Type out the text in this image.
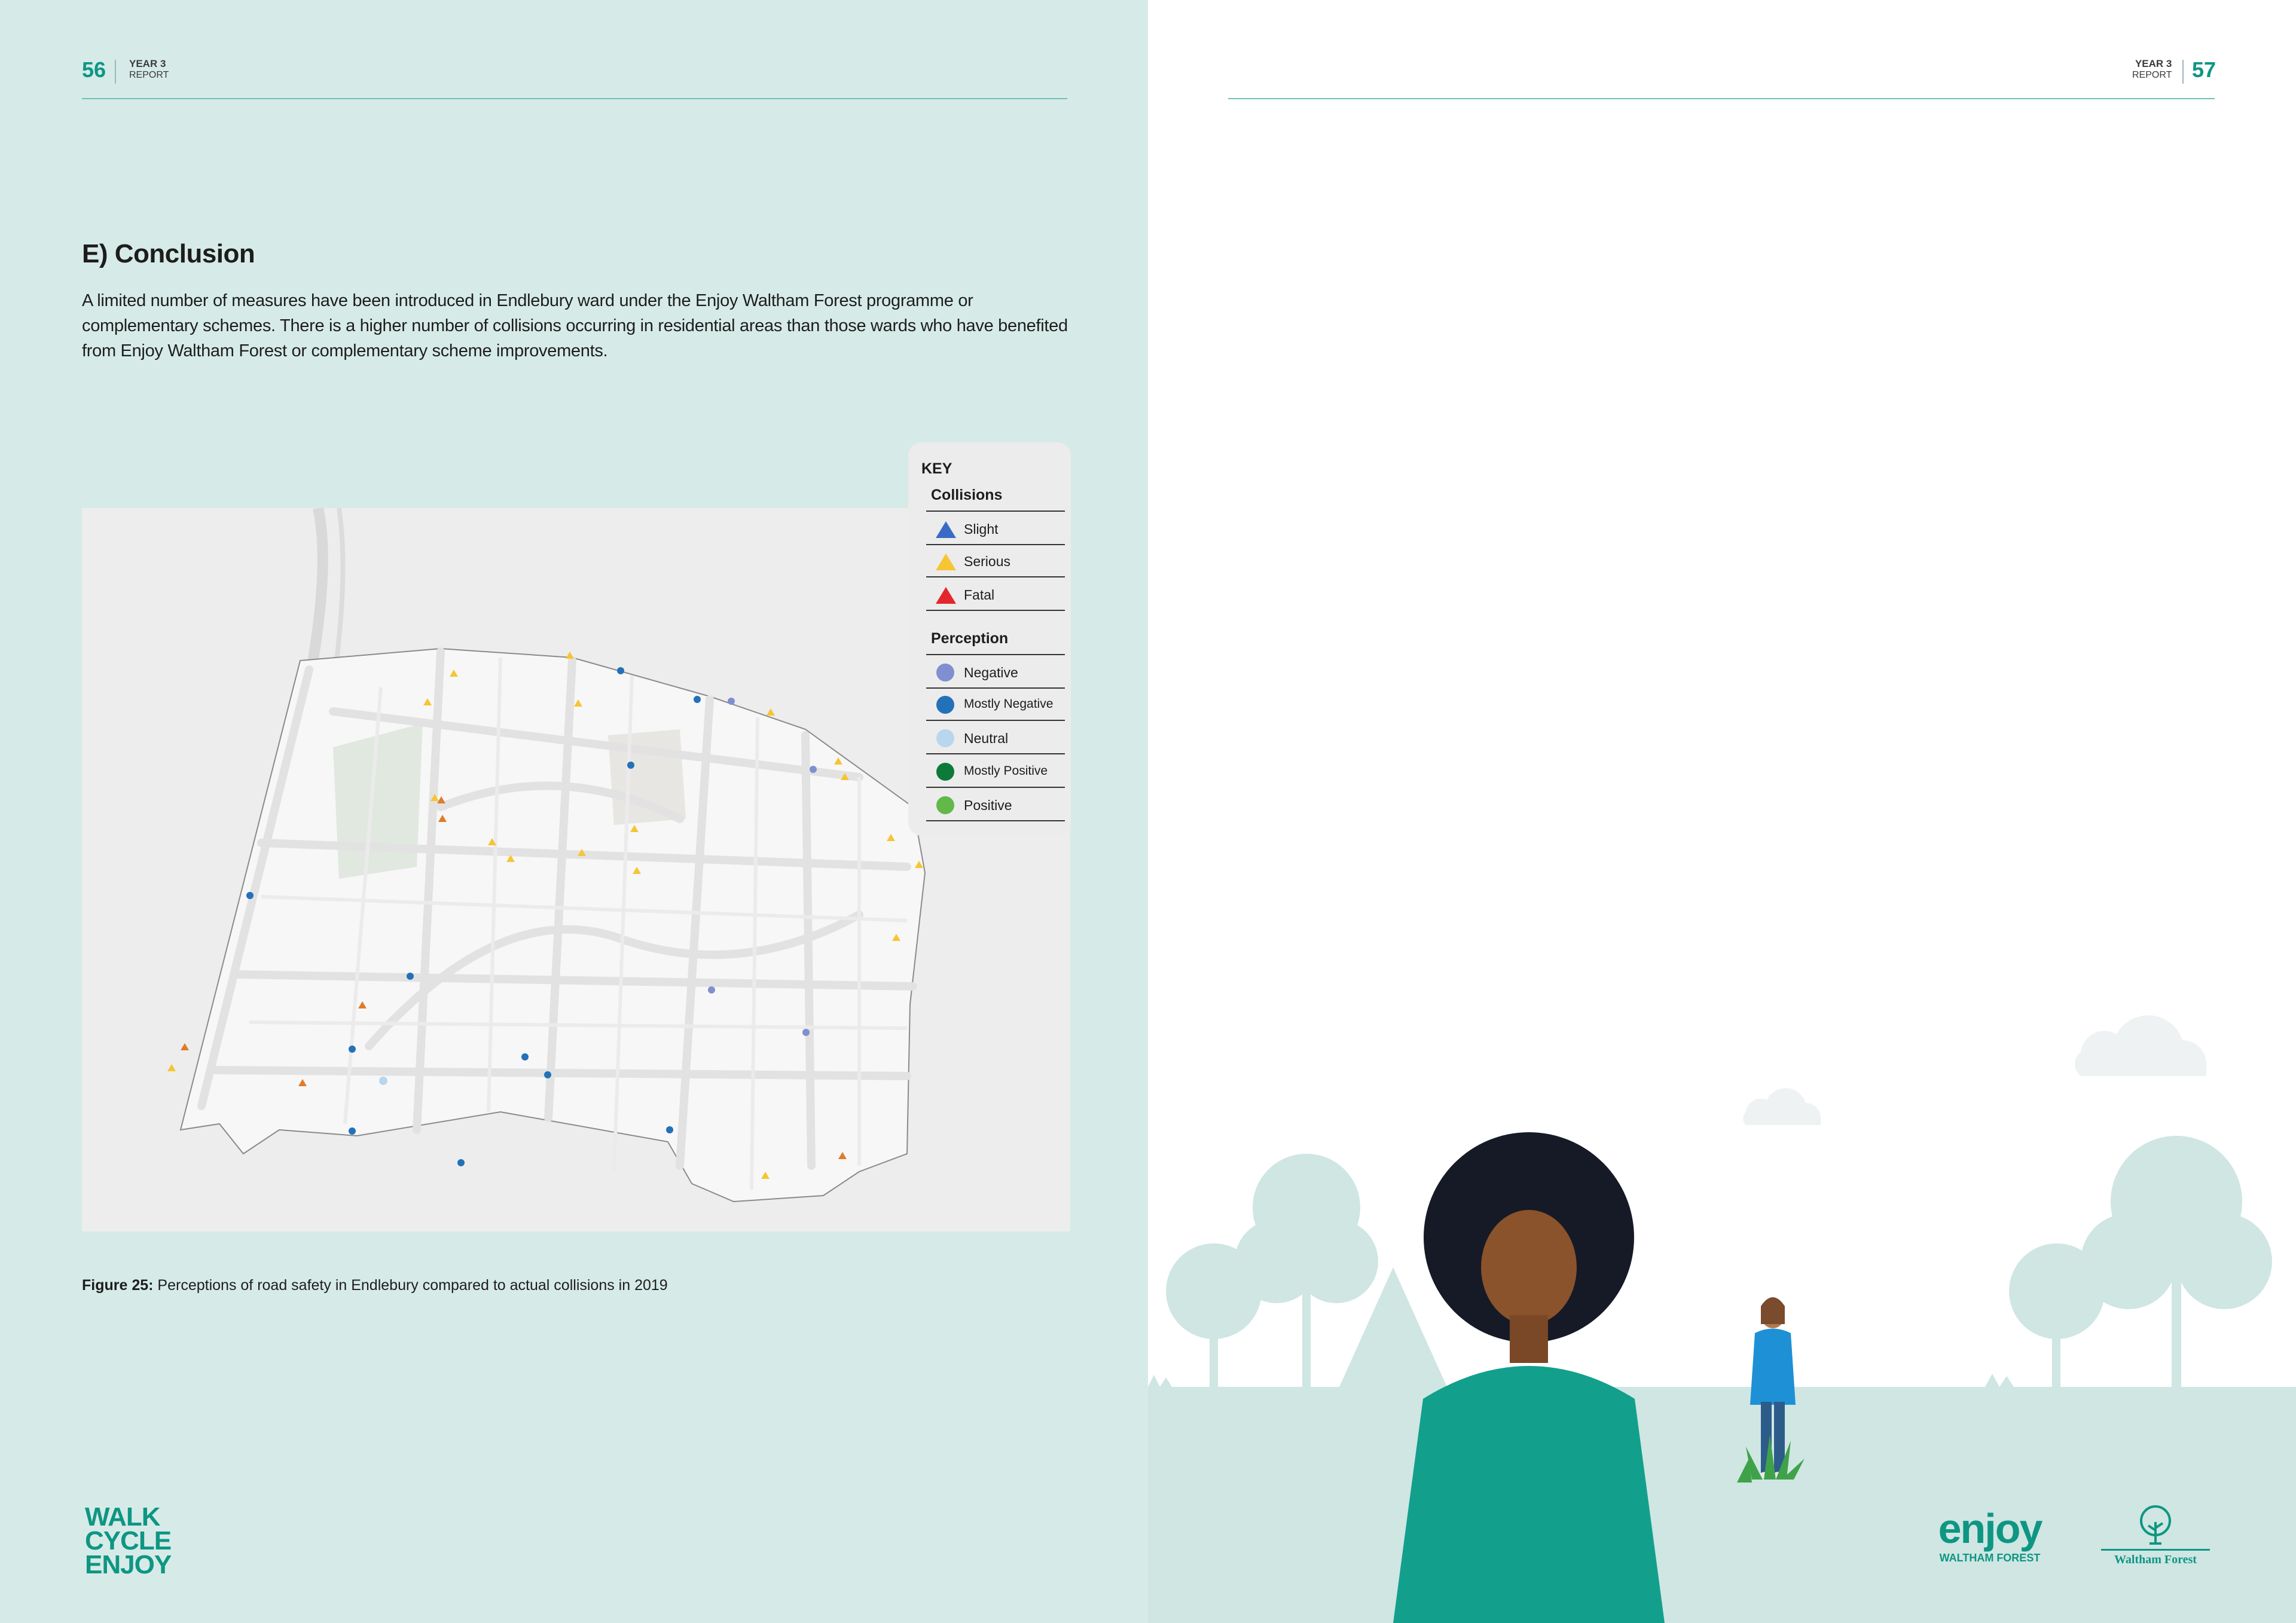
56 YEAR 3
REPORT
E) Conclusion

A limited number of measures have been introduced in Endlebury ward under the Enjoy Waltham Forest programme or complementary schemes. There is a higher number of collisions occurring in residential areas than those wards who have benefited from Enjoy Waltham Forest or complementary scheme improvements.

KEY
Collisions
Slight
Serious
Fatal
Perception
Negative
Mostly Negative
Neutral
Mostly Positive
Positive
Figure 25: Perceptions of road safety in Endlebury compared to actual collisions in 2019
WALK
CYCLE
ENJOY
YEAR 3
REPORT 57

enjoy
WALTHAM FOREST	Waltham Forest
